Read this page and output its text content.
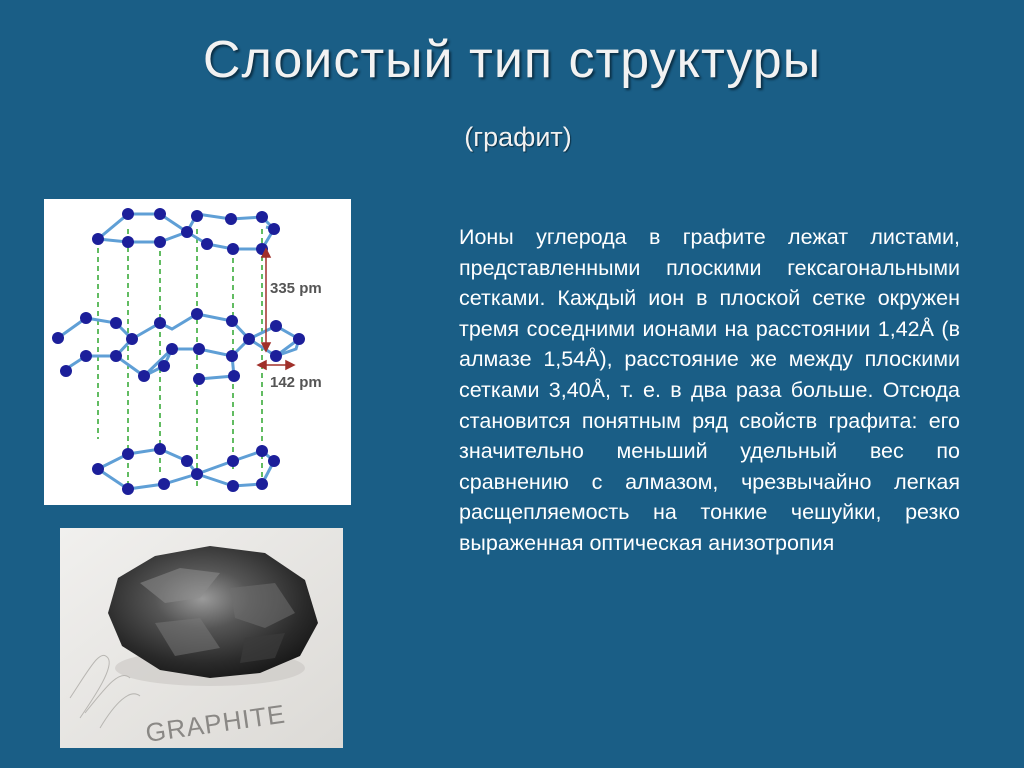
Слоистый тип структуры
(графит)
335 pm
142 pm
GRAPHITE
Ионы углерода в графите лежат листами, представленными плоскими гексагональными сетками. Каждый ион в плоской сетке окружен тремя соседними ионами на расстоянии 1,42Å (в алмазе 1,54Å), расстояние же между плоскими сетками 3,40Å, т. е. в два раза больше. Отсюда становится понятным ряд свойств графита: его значительно меньший удельный вес по сравнению с алмазом, чрезвычайно легкая расщепляемость на тонкие чешуйки, резко выраженная оптическая анизотропия
